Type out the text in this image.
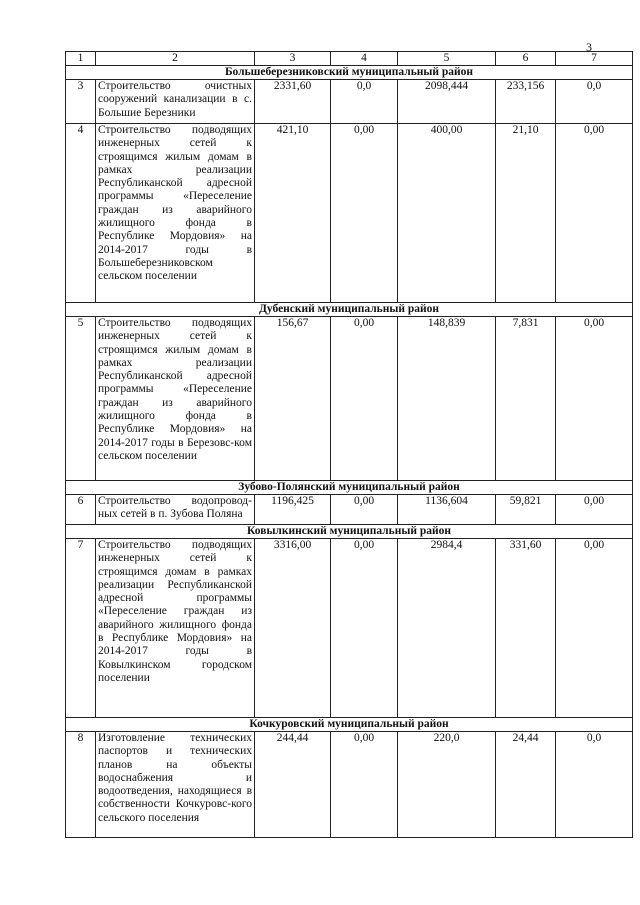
3
1	2	3	4	5	6	7
Большеберезниковский муниципальный район						
3	Строительство очистных сооружений канализации в с. Большие Березники	2331,60	0,0	2098,444	233,156	0,0
4	Строительство подводящих инженерных сетей к строящимся жилым домам в рамках реализации Республиканской адресной программы «Переселение граждан из аварийного жилищного фонда в Республике Мордовия» на 2014-2017 годы в Большеберезниковском сельском поселении	421,10	0,00	400,00	21,10	0,00
Дубенский муниципальный район						
5	Строительство подводящих инженерных сетей к строящимся жилым домам в рамках реализации Республиканской адресной программы «Переселение граждан из аварийного жилищного фонда в Республике Мордовия» на 2014-2017 годы в Березовс-ком сельском поселении	156,67	0,00	148,839	7,831	0,00
Зубово-Полянский муниципальный район						
6	Строительство водопровод-ных сетей в п. Зубова Поляна	1196,425	0,00	1136,604	59,821	0,00
Ковылкинский муниципальный район						
7	Строительство подводящих инженерных сетей к строящимся домам в рамках реализации Республиканской адресной программы «Переселение граждан из аварийного жилищного фонда в Республике Мордовия» на 2014-2017 годы в Ковылкинском городском поселении	3316,00	0,00	2984,4	331,60	0,00
Кочкуровский муниципальный район						
8	Изготовление технических паспортов и технических планов на объекты водоснабжения и водоотведения, находящиеся в собственности Кочкуровс-кого сельского поселения	244,44	0,00	220,0	24,44	0,0
